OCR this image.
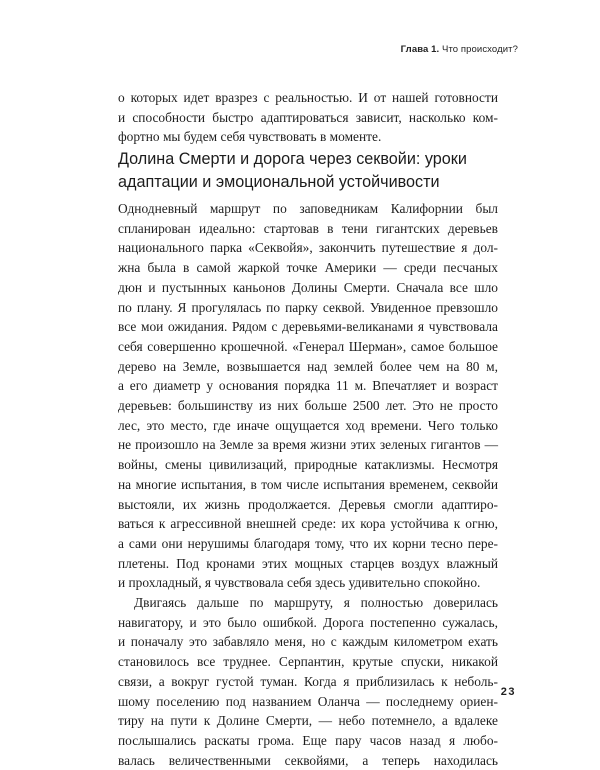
Глава 1. Что происходит?

о которых идет вразрез с реальностью. И от нашей готовности

и способности быстро адаптироваться зависит, насколько ком-

фортно мы будем себя чувствовать в моменте.

Долина Смерти и дорога через секвойи: уроки
адаптации и эмоциональной устойчивости

Однодневный маршрут по заповедникам Калифорнии был

спланирован идеально: стартовав в тени гигантских деревьев

национального парка «Секвойя», закончить путешествие я дол-

жна была в самой жаркой точке Америки — среди песчаных

дюн и пустынных каньонов Долины Смерти. Сначала все шло

по плану. Я прогулялась по парку секвой. Увиденное превзошло

все мои ожидания. Рядом с деревьями-великанами я чувствовала

себя совершенно крошечной. «Генерал Шерман», самое большое

дерево на Земле, возвышается над землей более чем на 80 м,

а его диаметр у основания порядка 11 м. Впечатляет и возраст

деревьев: большинству из них больше 2500 лет. Это не просто

лес, это место, где иначе ощущается ход времени. Чего только

не произошло на Земле за время жизни этих зеленых гигантов —

войны, смены цивилизаций, природные катаклизмы. Несмотря

на многие испытания, в том числе испытания временем, секвойи

выстояли, их жизнь продолжается. Деревья смогли адаптиро-

ваться к агрессивной внешней среде: их кора устойчива к огню,

а сами они нерушимы благодаря тому, что их корни тесно пере-

плетены. Под кронами этих мощных старцев воздух влажный

и прохладный, я чувствовала себя здесь удивительно спокойно.

Двигаясь дальше по маршруту, я полностью доверилась

навигатору, и это было ошибкой. Дорога постепенно сужалась,

и поначалу это забавляло меня, но с каждым километром ехать

становилось все труднее. Серпантин, крутые спуски, никакой

связи, а вокруг густой туман. Когда я приблизилась к неболь-

шому поселению под названием Оланча — последнему ориен-

тиру на пути к Долине Смерти, — небо потемнело, а вдалеке

послышались раскаты грома. Еще пару часов назад я любо-

валась величественными секвойями, а теперь находилась

23
